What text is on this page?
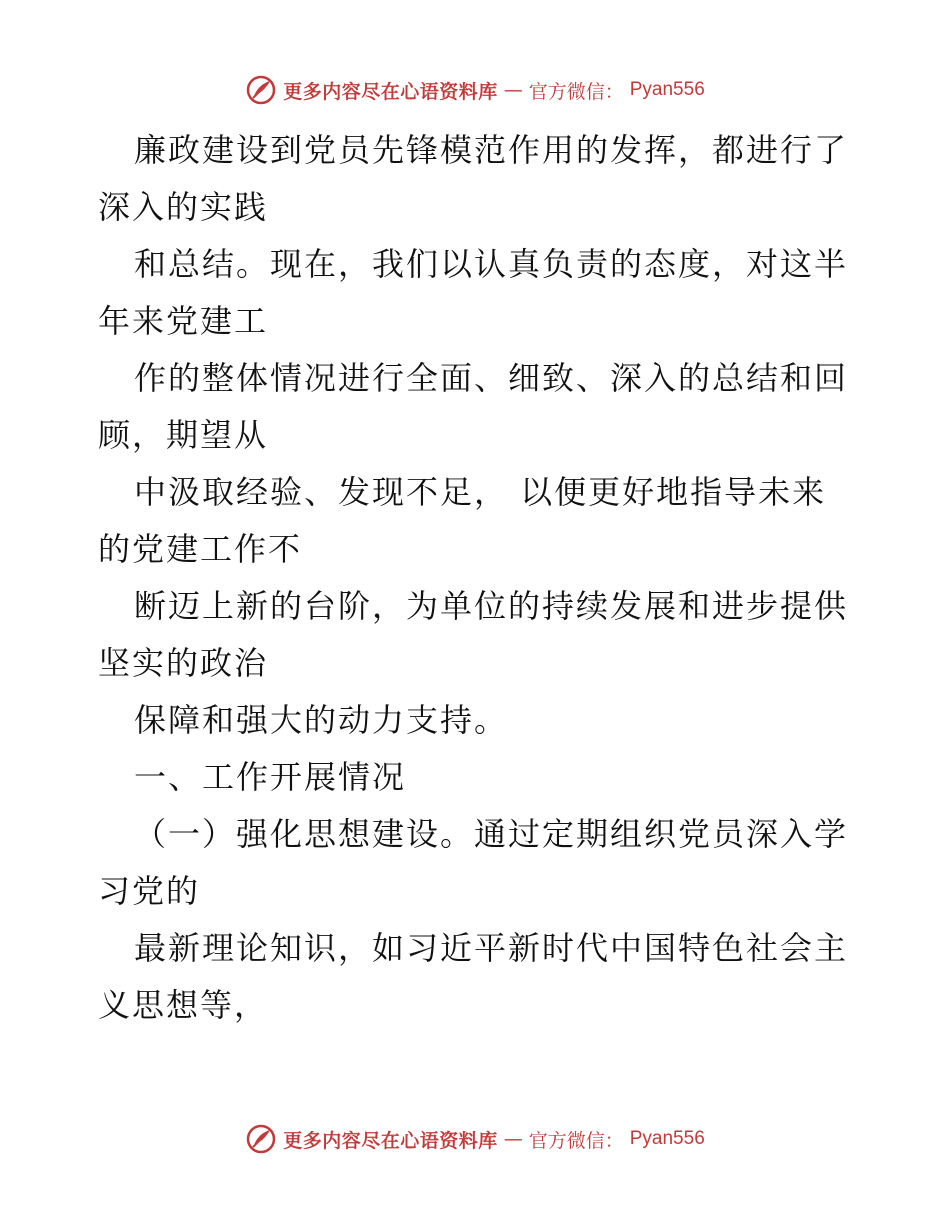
更多内容尽在心语资料库 — 官方微信： Pyan556

廉政建设到党员先锋模范作用的发挥，都进行了
深入的实践

和总结。现在，我们以认真负责的态度，对这半
年来党建工

作的整体情况进行全面、细致、深入的总结和回
顾，期望从

中汲取经验、发现不足， 以便更好地指导未来
的党建工作不

断迈上新的台阶，为单位的持续发展和进步提供
坚实的政治

保障和强大的动力支持。

一、工作开展情况

（一）强化思想建设。通过定期组织党员深入学
习党的

最新理论知识，如习近平新时代中国特色社会主
义思想等，

更多内容尽在心语资料库 — 官方微信： Pyan556
